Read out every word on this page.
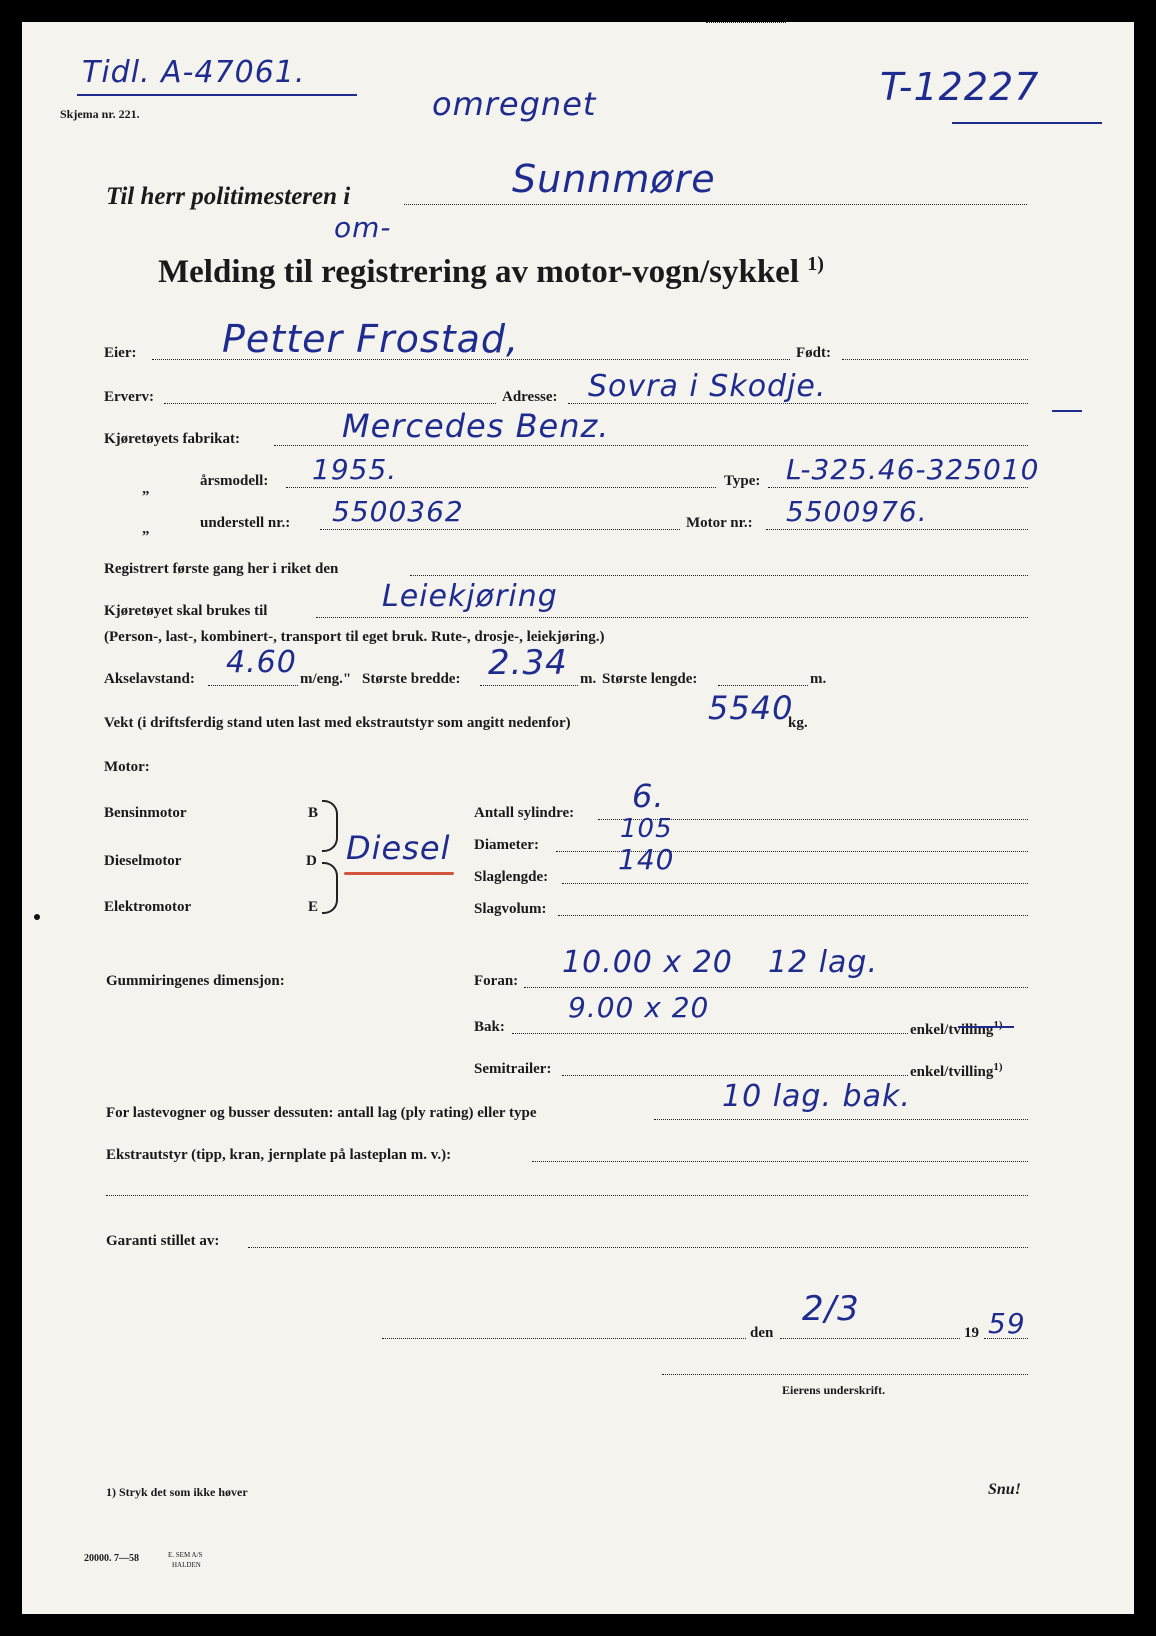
Tidl. A-47061.
Skjema nr. 221.	omregnet	T-12227
Til herr politimesteren i	Sunnmøre
om-
Melding til registrering av motor-vogn/sykkel $^{1)}$
Eier: Petter Frostad,	Født:
Erverv:	Adresse: Sovra i Skodje.
Kjøretøyets fabrikat:	Mercedes Benz.
„	årsmodell: 1955.	Type: L-325.46-325010
„	understell nr.: 5500362	Motor nr.: 5500976.
Registrert første gang her i riket den
Kjøretøyet skal brukes til	Leiekjøring
(Person-, last-, kombinert-, transport til eget bruk. Rute-, drosje-, leiekjøring.)
Akselavstand: 4.60 m/eng." Største bredde: 2.34 m. Største lengde:	m.
Vekt (i driftsferdig stand uten last med ekstrautstyr som angitt nedenfor)	5540
kg.
Motor:
Bensinmotor	B
Dieselmotor	D
Elektromotor	E
Diesel
Antall sylindre: 6.
Diameter:
105
Slaglengde:
140
Slagvolum:
Gummiringenes dimensjon:	Foran:
10.00 x 20 12 lag.
Bak:
9.00 x 20
enkel/tvilling$^{1)}$
Semitrailer:	enkel/tvilling$^{1)}$
For lastevogner og busser dessuten: antall lag (ply rating) eller type	10 lag. bak.
Ekstrautstyr (tipp, kran, jernplate på lasteplan m. v.):
Garanti stillet av:
den
2/3
19 59
Eierens underskrift.
1) Stryk det som ikke høver	Snu!
20000. 7—58	E. SEM A/S
HALDEN
